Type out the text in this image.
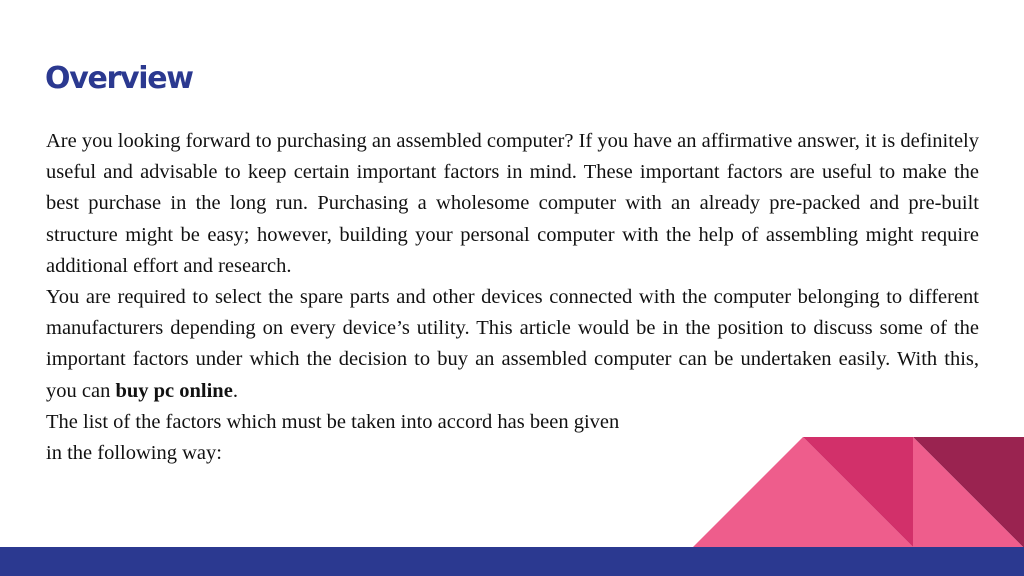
Overview

Are you looking forward to purchasing an assembled computer? If you have an affirmative answer, it is definitely useful and advisable to keep certain important factors in mind. These important factors are useful to make the best purchase in the long run. Purchasing a wholesome computer with an already pre-packed and pre-built structure might be easy; however, building your personal computer with the help of assembling might require additional effort and research.

You are required to select the spare parts and other devices connected with the computer belonging to different manufacturers depending on every device’s utility. This article would be in the position to discuss some of the important factors under which the decision to buy an assembled computer can be undertaken easily. With this, you can buy pc online.

The list of the factors which must be taken into accord has been given
in the following way:
